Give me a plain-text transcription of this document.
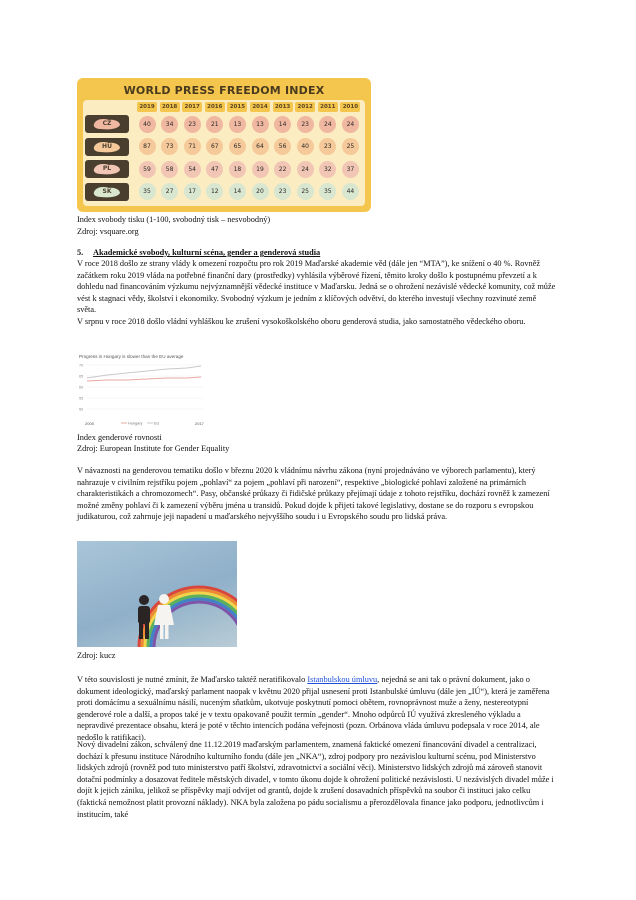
WORLD PRESS FREEDOM INDEX
2019	2018	2017	2016	2015	2014	2013	2012	2011	2010
CZ	40	34	23	21	13	13	14	23	24	24
HU	87	73	71	67	65	64	56	40	23	25
PL	59	58	54	47	18	19	22	24	32	37
SK	35	27	17	12	14	20	23	25	35	44
Index svobody tisku (1-100, svobodný tisk – nesvobodný)
Zdroj: vsquare.org
5. Akademické svobody, kulturní scéna, gender a genderová studia

V roce 2018 došlo ze strany vlády k omezení rozpočtu pro rok 2019 Maďarské akademie věd (dále jen “MTA”), ke snížení o 40 %. Rovněž začátkem roku 2019 vláda na potřebné finanční dary (prostředky) vyhlásila výběrové řízení, těmito kroky došlo k postupnému převzetí a k dohledu nad financováním výzkumu nejvýznamnější vědecké instituce v Maďarsku. Jedná se o ohrožení nezávislé vědecké komunity, což může vést k stagnaci vědy, školství i ekonomiky. Svobodný výzkum je jedním z klíčových odvětví, do kterého investují všechny rozvinuté země světa.

V srpnu v roce 2018 došlo vládní vyhláškou ke zrušení vysokoškolského oboru genderová studia, jako samostatného vědeckého oboru.

Progress in Hungary is slower than the EU average
70
65
60
55
50
2005	2017
Hungary	EU
Index genderové rovnosti
Zdroj: European Institute for Gender Equality

V návaznosti na genderovou tematiku došlo v březnu 2020 k vládnímu návrhu zákona (nyní projednáváno ve výborech parlamentu), který nahrazuje v civilním rejstříku pojem „pohlaví“ za pojem „pohlaví při narození“, respektive „biologické pohlaví založené na primárních charakteristikách a chromozomech“. Pasy, občanské průkazy či řidičské průkazy přejímají údaje z tohoto rejstříku, dochází rovněž k zamezení možné změny pohlaví či k zamezení výběru jména u transidů. Pokud dojde k přijetí takové legislativy, dostane se do rozporu s evropskou judikaturou, což zahrnuje jeji napadení u maďarského nejvyššího soudu i u Evropského soudu pro lidská práva.

Zdroj: kucz

V této souvislosti je nutné zmínit, že Maďarsko taktéž neratifikovalo Istanbulskou úmluvu, nejedná se ani tak o právní dokument, jako o dokument ideologický, maďarský parlament naopak v květnu 2020 přijal usnesení proti Istanbulské úmluvu (dále jen „IÚ“), která je zaměřena proti domácímu a sexuálnímu násilí, nuceným sňatkům, ukotvuje poskytnutí pomoci obětem, rovnoprávnost muže a ženy, nestereotypní genderové role a další, a propos také je v textu opakovaně použit termín „gender“. Mnoho odpůrců IÚ využívá zkresleného výkladu a nepravdivé prezentace obsahu, která je poté v těchto intencích podána veřejnosti (pozn. Orbánova vláda úmluvu podepsala v roce 2014, ale nedošlo k ratifikaci).

Nový divadelní zákon, schválený dne 11.12.2019 maďarským parlamentem, znamená faktické omezení financování divadel a centralizaci, dochází k přesunu instituce Národního kulturního fondu (dále jen „NKA“), zdroj podpory pro nezávislou kulturní scénu, pod Ministerstvo lidských zdrojů (rovněž pod tuto ministerstvo patří školství, zdravotnictví a sociální věci). Ministerstvo lidských zdrojů má zároveň stanovit dotační podmínky a dosazovat ředitele městských divadel, v tomto úkonu dojde k ohrožení politické nezávislosti. U nezávislých divadel může i dojít k jejich zániku, jelikož se příspěvky mají odvíjet od grantů, dojde k zrušení dosavadních příspěvků na soubor či instituci jako celku (faktická nemožnost platit provozní náklady). NKA byla založena po pádu socialismu a přerozdělovala finance jako podporu, jednotlivcům i institucím, také
